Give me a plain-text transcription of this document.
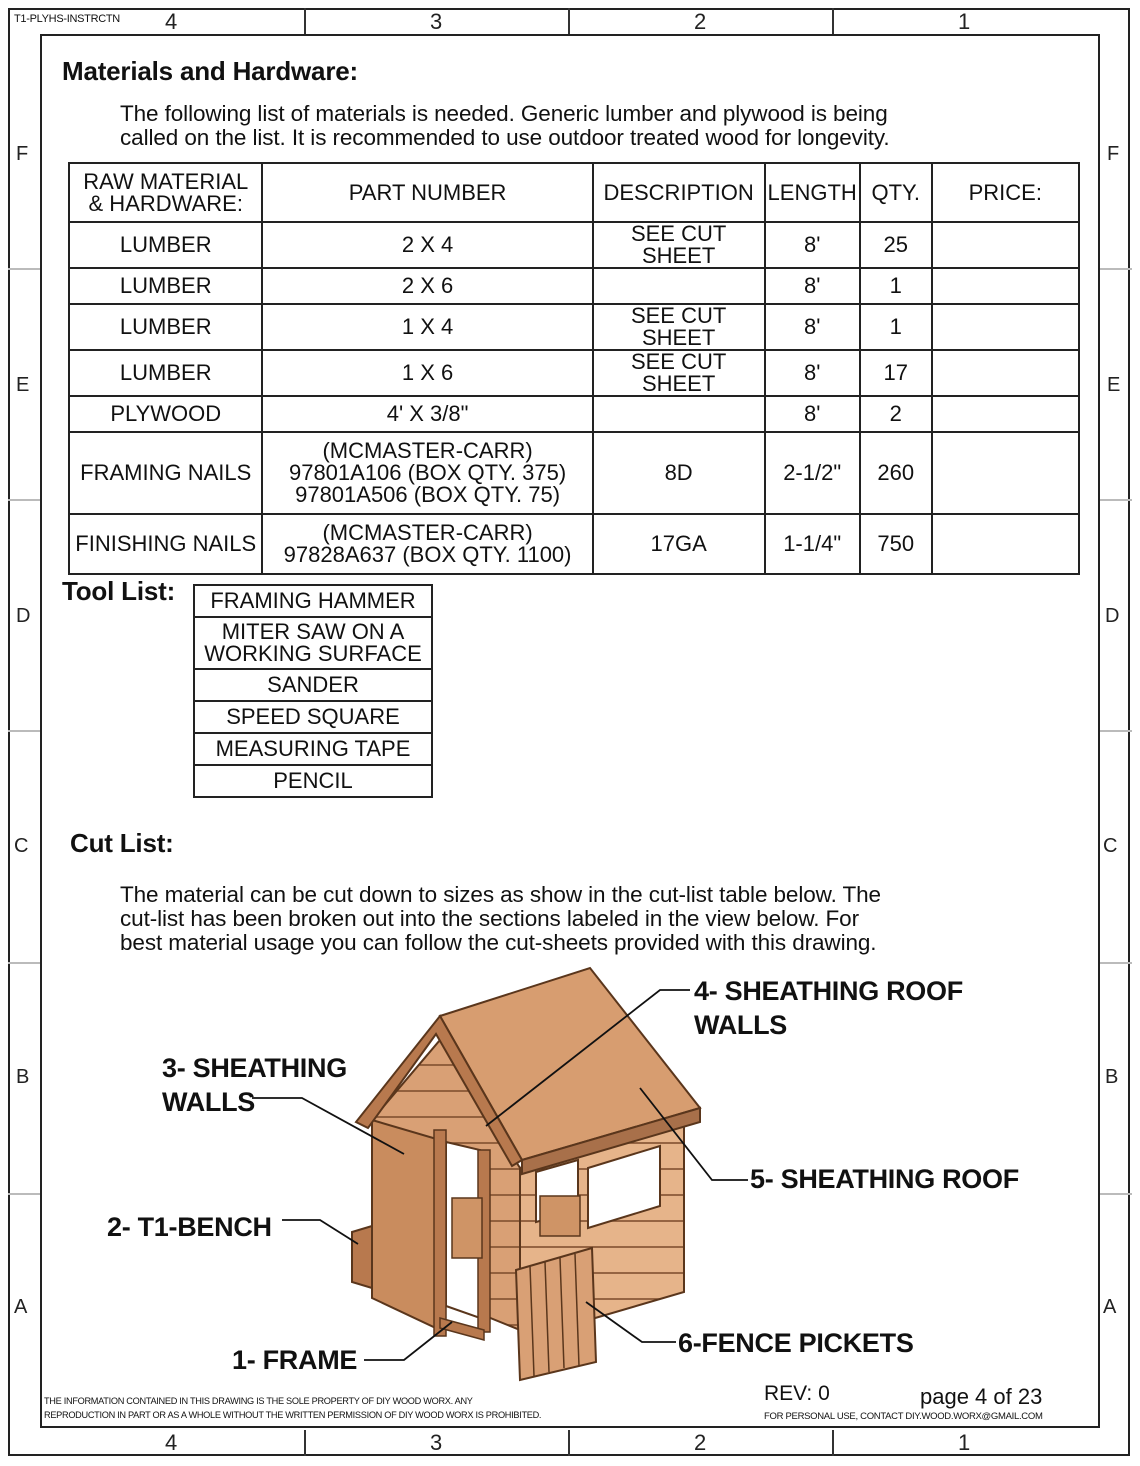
4	3	2	1
4	3	2	1
F
E
D
C
B
A
F
E
D
C
B
A
T1-PLYHS-INSTRCTN
Materials and Hardware:

The following list of materials is needed. Generic lumber and plywood is being

called on the list. It is recommended to use outdoor treated wood for longevity.

RAW MATERIAL
& HARDWARE:	PART NUMBER	DESCRIPTION	LENGTH	QTY.	PRICE:
LUMBER	2 X 4	SEE CUT SHEET	8'	25	
LUMBER	2 X 6		8'	1	
LUMBER	1 X 4	SEE CUT SHEET	8'	1	
LUMBER	1 X 6	SEE CUT SHEET	8'	17	
PLYWOOD	4' X 3/8"		8'	2	
FRAMING NAILS	(MCMASTER-CARR)
97801A106 (BOX QTY. 375)
97801A506 (BOX QTY. 75)	8D	2-1/2"	260	
FINISHING NAILS	(MCMASTER-CARR)
97828A637 (BOX QTY. 1100)	17GA	1-1/4"	750	
Tool List:	FRAMING HAMMER

MITER SAW ON A
WORKING SURFACE

SANDER

SPEED SQUARE

MEASURING TAPE

PENCIL
Cut List:

The material can be cut down to sizes as show in the cut-list table below. The

cut-list has been broken out into the sections labeled in the view below. For

best material usage you can follow the cut-sheets provided with this drawing.

4- SHEATHING ROOF
WALLS
3- SHEATHING
WALLS
5- SHEATHING ROOF
2- T1-BENCH
6-FENCE PICKETS
1- FRAME
THE INFORMATION CONTAINED IN THIS DRAWING IS THE SOLE PROPERTY OF DIY WOOD WORX. ANY
REPRODUCTION IN PART OR AS A WHOLE WITHOUT THE WRITTEN PERMISSION OF DIY WOOD WORX IS PROHIBITED.
REV: 0	page 4 of 23
FOR PERSONAL USE, CONTACT DIY.WOOD.WORX@GMAIL.COM
